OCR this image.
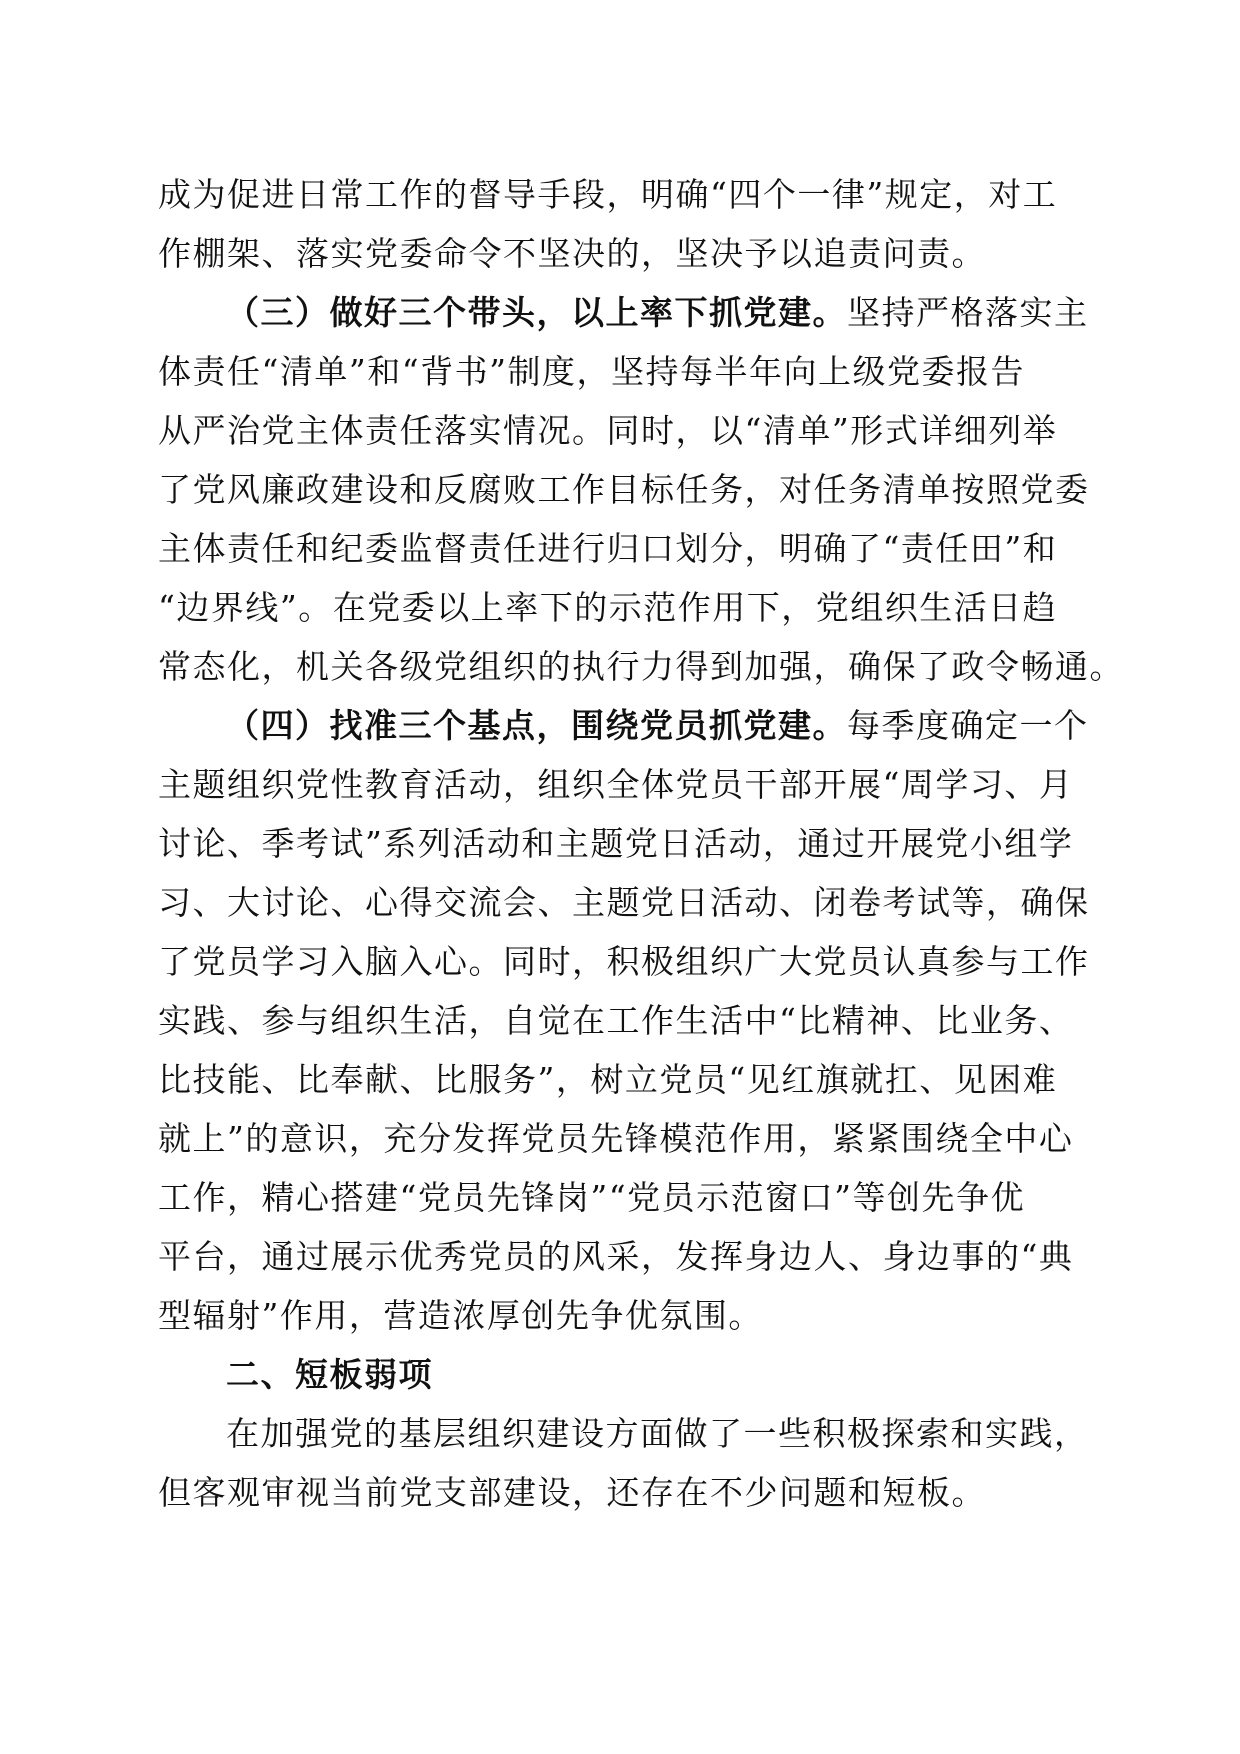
成为促进日常工作的督导手段，明确“四个一律”规定，对工
作棚架、落实党委命令不坚决的，坚决予以追责问责。
（三）做好三个带头，以上率下抓党建。坚持严格落实主
体责任“清单”和“背书”制度，坚持每半年向上级党委报告
从严治党主体责任落实情况。同时，以“清单”形式详细列举
了党风廉政建设和反腐败工作目标任务，对任务清单按照党委
主体责任和纪委监督责任进行归口划分，明确了“责任田”和
“边界线”。在党委以上率下的示范作用下，党组织生活日趋
常态化，机关各级党组织的执行力得到加强，确保了政令畅通。
（四）找准三个基点，围绕党员抓党建。每季度确定一个
主题组织党性教育活动，组织全体党员干部开展“周学习、月
讨论、季考试”系列活动和主题党日活动，通过开展党小组学
习、大讨论、心得交流会、主题党日活动、闭卷考试等，确保
了党员学习入脑入心。同时，积极组织广大党员认真参与工作
实践、参与组织生活，自觉在工作生活中“比精神、比业务、
比技能、比奉献、比服务”，树立党员“见红旗就扛、见困难
就上”的意识，充分发挥党员先锋模范作用，紧紧围绕全中心
工作，精心搭建“党员先锋岗”“党员示范窗口”等创先争优
平台，通过展示优秀党员的风采，发挥身边人、身边事的“典
型辐射”作用，营造浓厚创先争优氛围。
二、短板弱项
在加强党的基层组织建设方面做了一些积极探索和实践，
但客观审视当前党支部建设，还存在不少问题和短板。
